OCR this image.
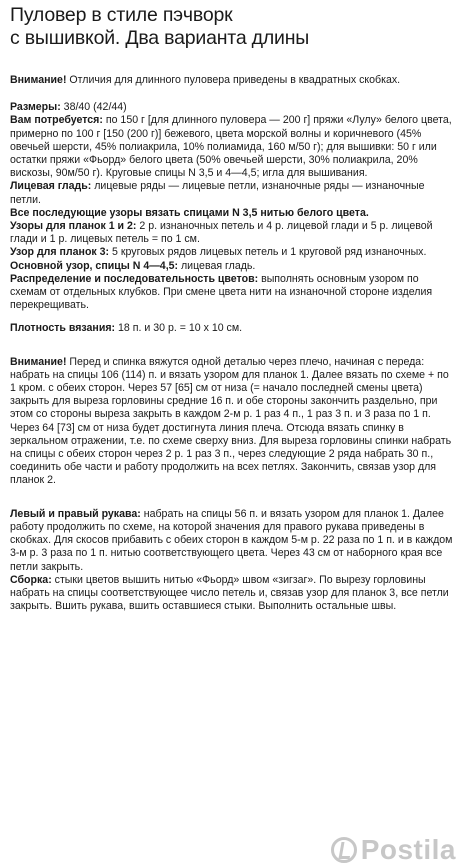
Пуловер в стиле пэчворк
с вышивкой. Два варианта длины

Внимание! Отличия для длинного пуловера приведены в квадратных скобках.

Размеры: 38/40 (42/44)

Вам потребуется: по 150 г [для длинного пуловера — 200 г] пряжи «Лулу» белого цвета, примерно по 100 г [150 (200 г)] бежевого, цвета морской волны и коричневого (45% овечьей шерсти, 45% полиакрила, 10% полиамида, 160 м/50 г); для вышивки: 50 г или остатки пряжи «Фьорд» белого цвета (50% овечьей шерсти, 30% полиакрила, 20% вискозы, 90м/50 г). Круговые спицы N 3,5 и 4—4,5; игла для вышивания.

Лицевая гладь: лицевые ряды — лицевые петли, изнаночные ряды — изнаночные петли.

Все последующие узоры вязать спицами N 3,5 нитью белого цвета.

Узоры для планок 1 и 2: 2 р. изнаночных петель и 4 р. лицевой глади и 5 р. лицевой глади и 1 р. лицевых петель = по 1 см.

Узор для планок 3: 5 круговых рядов лицевых петель и 1 круговой ряд изнаночных.

Основной узор, спицы N 4—4,5: лицевая гладь.

Распределение и последовательность цветов: выполнять основным узором по схемам от отдельных клубков. При смене цвета нити на изнаночной стороне изделия перекрещивать.

Плотность вязания: 18 п. и 30 р. = 10 х 10 см.

Внимание! Перед и спинка вяжутся одной деталью через плечо, начиная с переда: набрать на спицы 106 (114) п. и вязать узором для планок 1. Далее вязать по схеме + по 1 кром. с обеих сторон. Через 57 [65] см от низа (= начало последней смены цвета) закрыть для выреза горловины средние 16 п. и обе стороны закончить раздельно, при этом со стороны выреза закрыть в каждом 2-м р. 1 раз 4 п., 1 раз 3 п. и 3 раза по 1 п. Через 64 [73] см от низа будет достигнута линия плеча. Отсюда вязать спинку в зеркальном отражении, т.е. по схеме сверху вниз. Для выреза горловины спинки набрать на спицы с обеих сторон через 2 р. 1 раз 3 п., через следующие 2 ряда набрать 30 п., соединить обе части и работу продолжить на всех петлях. Закончить, связав узор для планок 2.

Левый и правый рукава: набрать на спицы 56 п. и вязать узором для планок 1. Далее работу продолжить по схеме, на которой значения для правого рукава приведены в скобках. Для скосов прибавить с обеих сторон в каждом 5-м р. 22 раза по 1 п. и в каждом 3-м р. 3 раза по 1 п. нитью соответствующего цвета. Через 43 см от наборного края все петли закрыть.

Сборка: стыки цветов вышить нитью «Фьорд» швом «зигзаг». По вырезу горловины набрать на спицы соответствующее число петель и, связав узор для планок 3, все петли закрыть. Вшить рукава, вшить оставшиеся стыки. Выполнить остальные швы.

Postila
